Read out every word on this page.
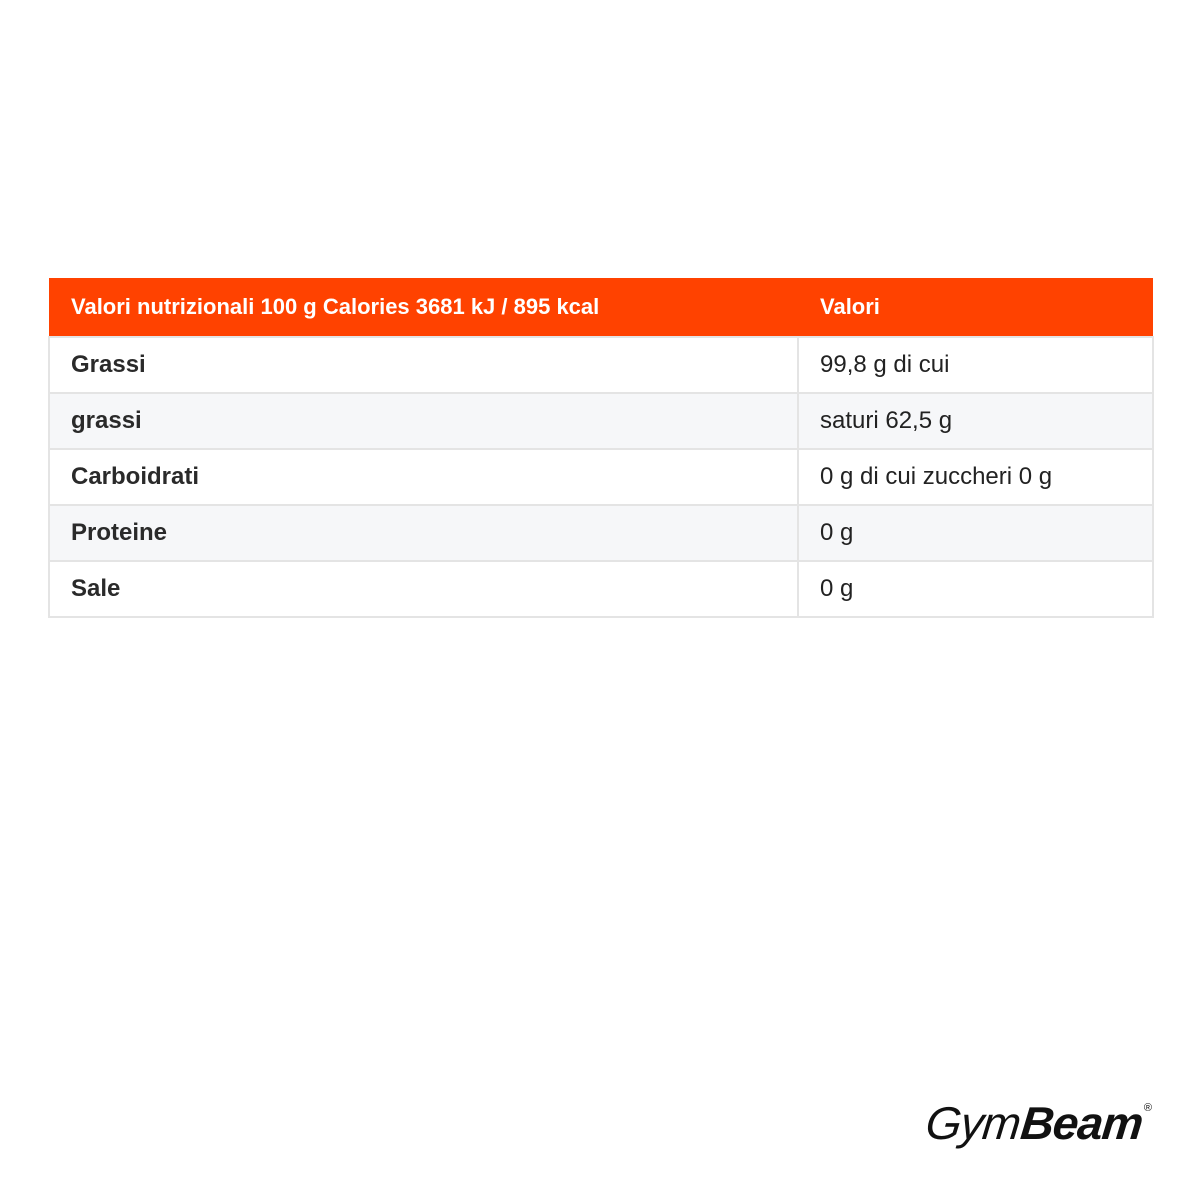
Valori nutrizionali 100 g Calories 3681 kJ / 895 kcal	Valori
Grassi	99,8 g di cui
grassi	saturi 62,5 g
Carboidrati	0 g di cui zuccheri 0 g
Proteine	0 g
Sale	0 g
Gym
Beam ®
